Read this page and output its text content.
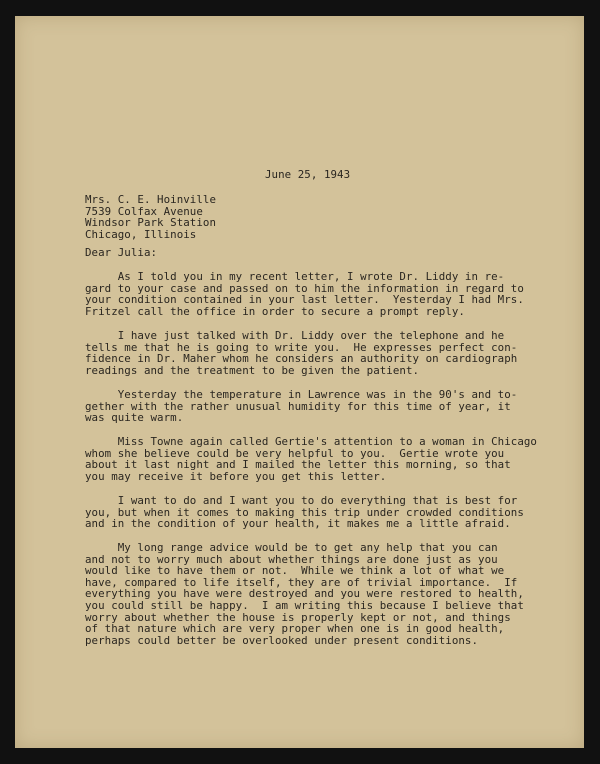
June 25, 1943
Mrs. C. E. Hoinville
7539 Colfax Avenue
Windsor Park Station
Chicago, Illinois
Dear Julia:
As I told you in my recent letter, I wrote Dr. Liddy in re-
gard to your case and passed on to him the information in regard to
your condition contained in your last letter.  Yesterday I had Mrs.
Fritzel call the office in order to secure a prompt reply.
I have just talked with Dr. Liddy over the telephone and he
tells me that he is going to write you.  He expresses perfect con-
fidence in Dr. Maher whom he considers an authority on cardiograph
readings and the treatment to be given the patient.
Yesterday the temperature in Lawrence was in the 90's and to-
gether with the rather unusual humidity for this time of year, it
was quite warm.
Miss Towne again called Gertie's attention to a woman in Chicago
whom she believe could be very helpful to you.  Gertie wrote you
about it last night and I mailed the letter this morning, so that
you may receive it before you get this letter.
I want to do and I want you to do everything that is best for
you, but when it comes to making this trip under crowded conditions
and in the condition of your health, it makes me a little afraid.
My long range advice would be to get any help that you can
and not to worry much about whether things are done just as you
would like to have them or not.  While we think a lot of what we
have, compared to life itself, they are of trivial importance.  If
everything you have were destroyed and you were restored to health,
you could still be happy.  I am writing this because I believe that
worry about whether the house is properly kept or not, and things
of that nature which are very proper when one is in good health,
perhaps could better be overlooked under present conditions.
